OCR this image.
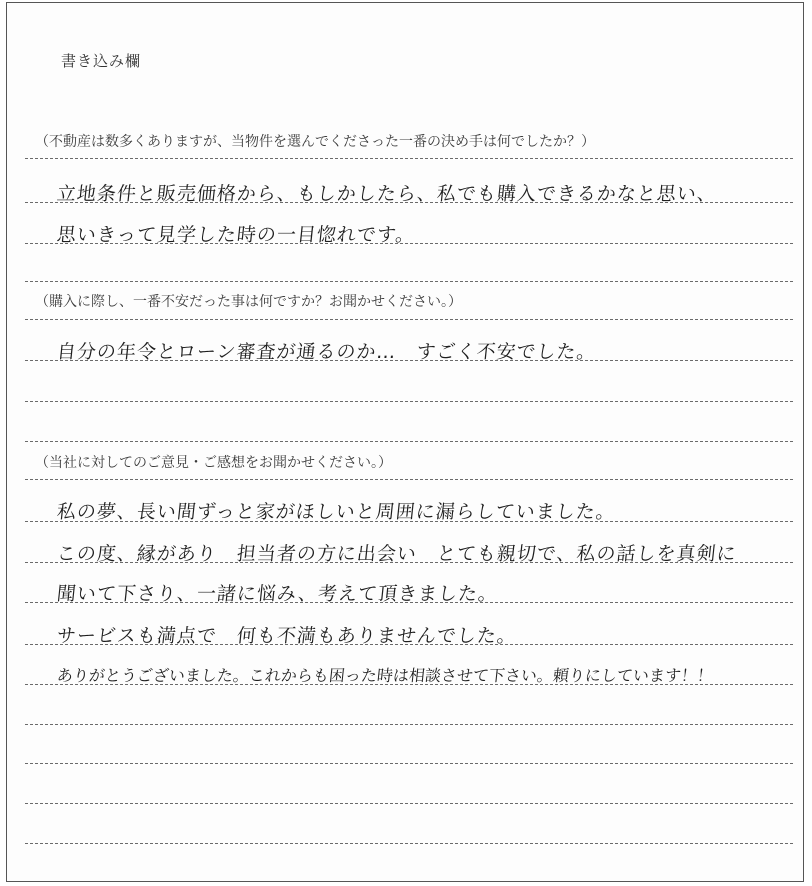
書き込み欄
（不動産は数多くありますが、当物件を選んでくださった一番の決め手は何でしたか？）
立地条件と販売価格から、もしかしたら、私でも購入できるかなと思い、
思いきって見学した時の一目惚れです。
（購入に際し、一番不安だった事は何ですか？お聞かせください。）
自分の年令とローン審査が通るのか…　すごく不安でした。
（当社に対してのご意見・ご感想をお聞かせください。）
私の夢、長い間ずっと家がほしいと周囲に漏らしていました。
この度、縁があり　担当者の方に出会い　とても親切で、私の話しを真剣に
聞いて下さり、一諸に悩み、考えて頂きました。
サービスも満点で　何も不満もありませんでした。
ありがとうございました。これからも困った時は相談させて下さい。頼りにしています！！
